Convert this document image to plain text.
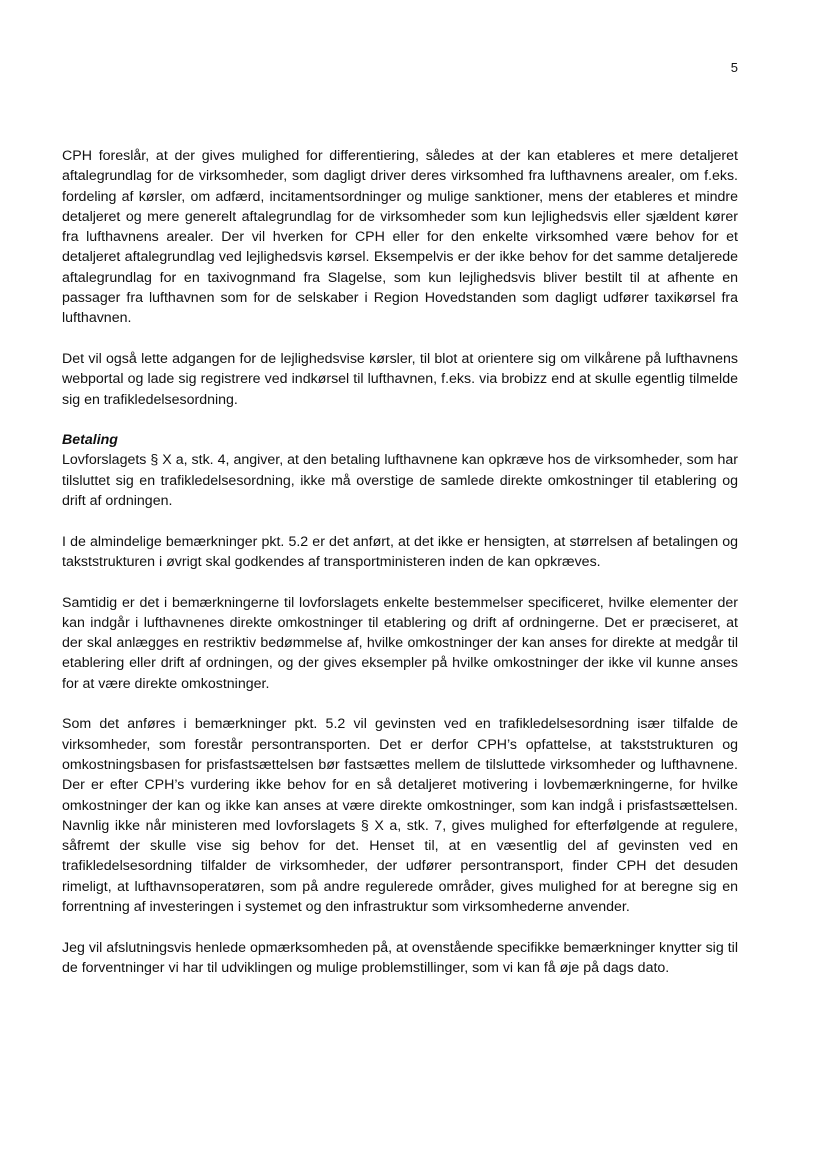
5

CPH foreslår, at der gives mulighed for differentiering, således at der kan etableres et mere detaljeret aftalegrundlag for de virksomheder, som dagligt driver deres virksomhed fra lufthavnens arealer, om f.eks. fordeling af kørsler, om adfærd, incitamentsordninger og mulige sanktioner, mens der etableres et mindre detaljeret og mere generelt aftalegrundlag for de virksomheder som kun lejlighedsvis eller sjældent kører fra lufthavnens arealer. Der vil hverken for CPH eller for den enkelte virksomhed være behov for et detaljeret aftalegrundlag ved lejlighedsvis kørsel. Eksempelvis er der ikke behov for det samme detaljerede aftalegrundlag for en taxivognmand fra Slagelse, som kun lejlighedsvis bliver bestilt til at afhente en passager fra lufthavnen som for de selskaber i Region Hovedstanden som dagligt udfører taxikørsel fra lufthavnen.

Det vil også lette adgangen for de lejlighedsvise kørsler, til blot at orientere sig om vilkårene på lufthavnens webportal og lade sig registrere ved indkørsel til lufthavnen, f.eks. via brobizz end at skulle egentlig tilmelde sig en trafikledelsesordning.

Betaling

Lovforslagets § X a, stk. 4, angiver, at den betaling lufthavnene kan opkræve hos de virksomheder, som har tilsluttet sig en trafikledelsesordning, ikke må overstige de samlede direkte omkostninger til etablering og drift af ordningen.

I de almindelige bemærkninger pkt. 5.2 er det anført, at det ikke er hensigten, at størrelsen af betalingen og takststrukturen i øvrigt skal godkendes af transportministeren inden de kan opkræves.

Samtidig er det i bemærkningerne til lovforslagets enkelte bestemmelser specificeret, hvilke elementer der kan indgår i lufthavnenes direkte omkostninger til etablering og drift af ordningerne. Det er præciseret, at der skal anlægges en restriktiv bedømmelse af, hvilke omkostninger der kan anses for direkte at medgår til etablering eller drift af ordningen, og der gives eksempler på hvilke omkostninger der ikke vil kunne anses for at være direkte omkostninger.

Som det anføres i bemærkninger pkt. 5.2 vil gevinsten ved en trafikledelsesordning især tilfalde de virksomheder, som forestår persontransporten. Det er derfor CPH’s opfattelse, at takststrukturen og omkostningsbasen for prisfastsættelsen bør fastsættes mellem de tilsluttede virksomheder og lufthavnene. Der er efter CPH’s vurdering ikke behov for en så detaljeret motivering i lovbemærkningerne, for hvilke omkostninger der kan og ikke kan anses at være direkte omkostninger, som kan indgå i prisfastsættelsen. Navnlig ikke når ministeren med lovforslagets § X a, stk. 7, gives mulighed for efterfølgende at regulere, såfremt der skulle vise sig behov for det. Henset til, at en væsentlig del af gevinsten ved en trafikledelsesordning tilfalder de virksomheder, der udfører persontransport, finder CPH det desuden rimeligt, at lufthavnsoperatøren, som på andre regulerede områder, gives mulighed for at beregne sig en forrentning af investeringen i systemet og den infrastruktur som virksomhederne anvender.

Jeg vil afslutningsvis henlede opmærksomheden på, at ovenstående specifikke bemærkninger knytter sig til de forventninger vi har til udviklingen og mulige problemstillinger, som vi kan få øje på dags dato.
